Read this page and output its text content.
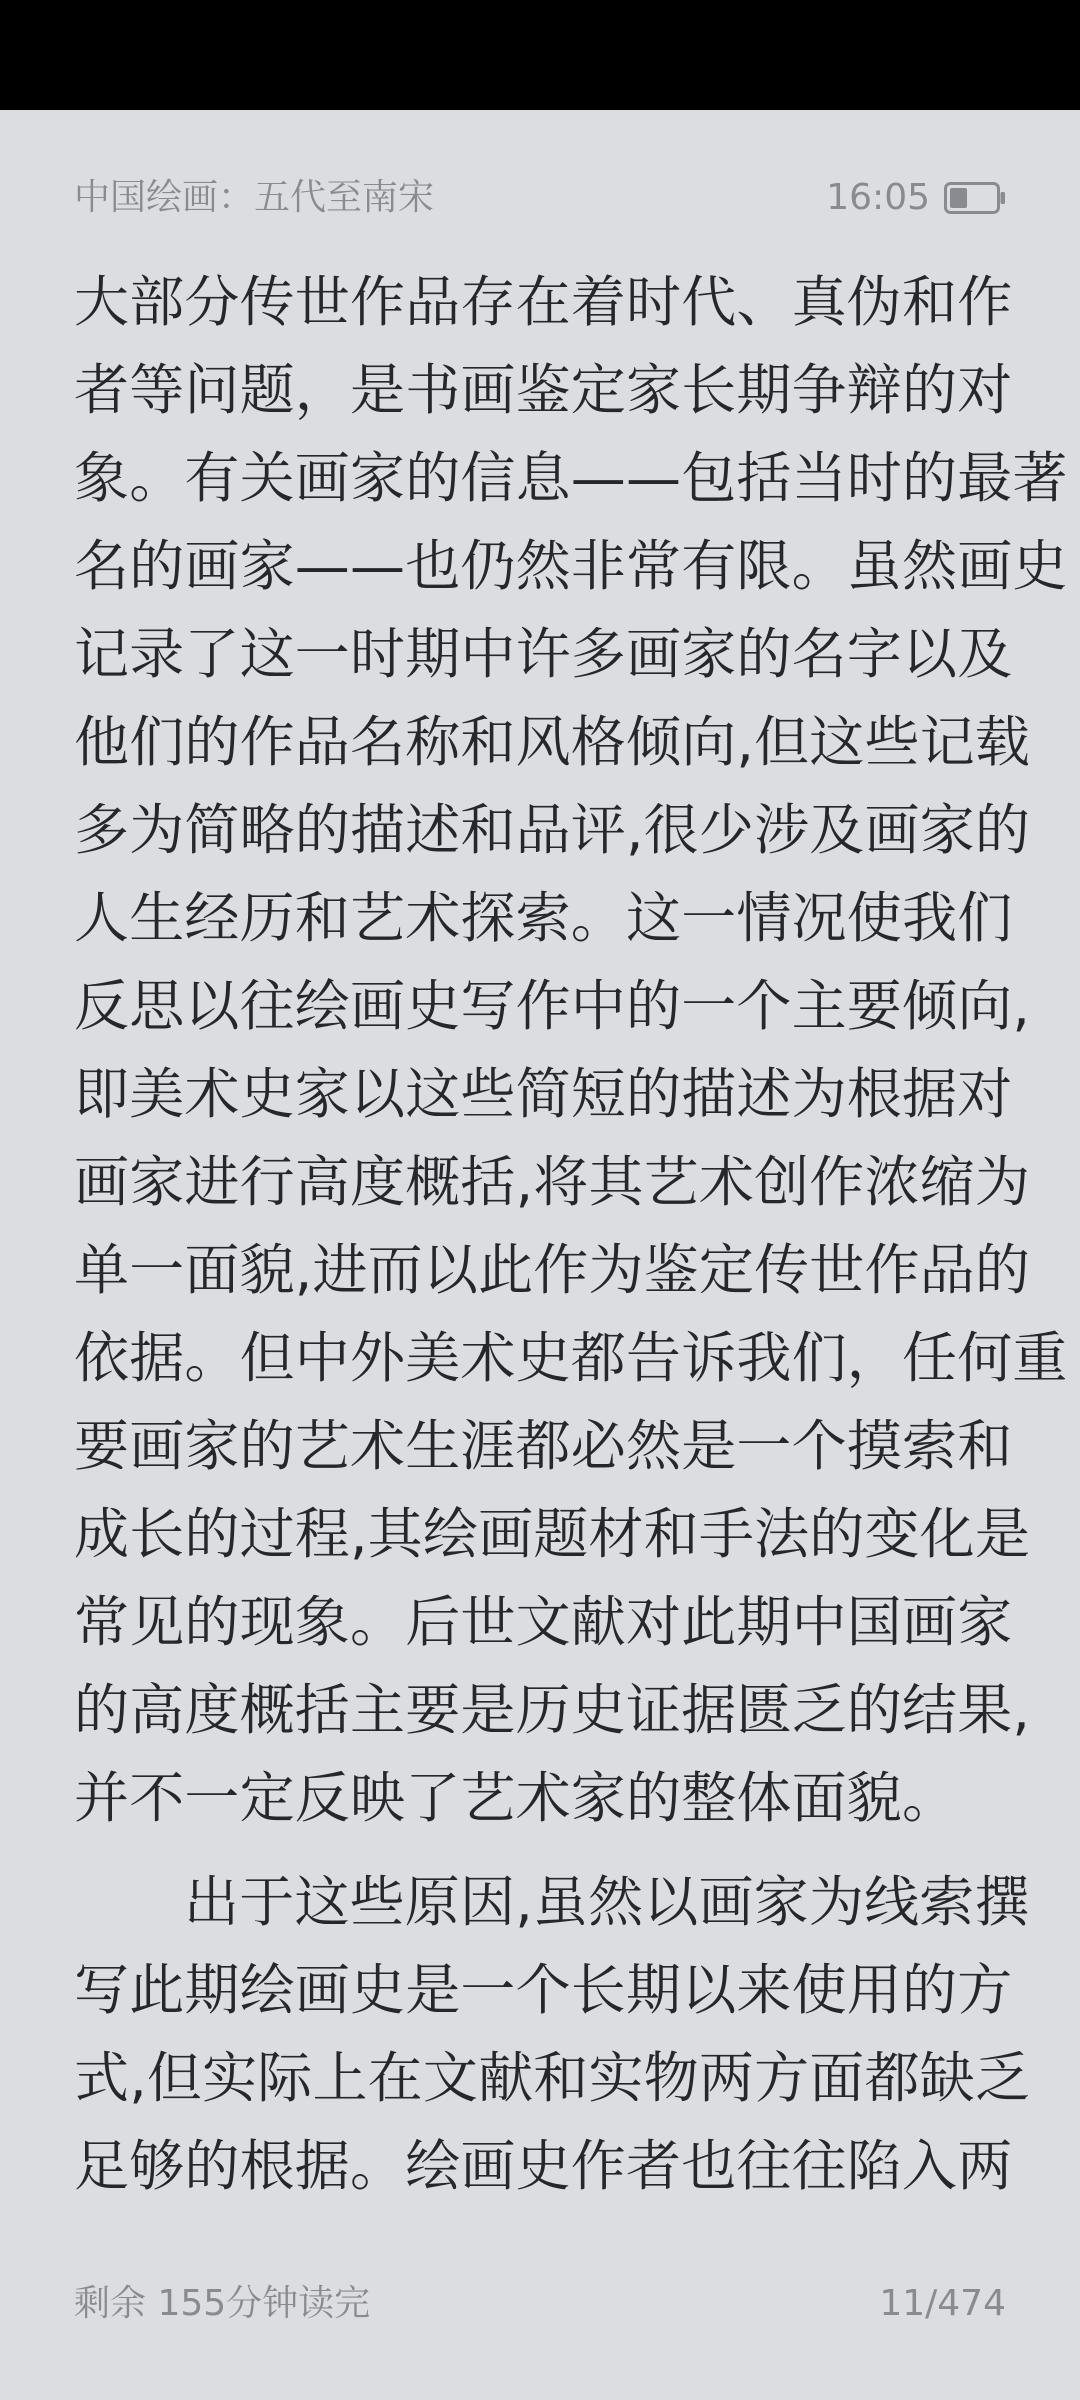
中国绘画：五代至南宋	16:05

大部分传世作品存在着时代、真伪和作
者等问题，是书画鉴定家长期争辩的对
象。有关画家的信息——包括当时的最著
名的画家——也仍然非常有限。虽然画史
记录了这一时期中许多画家的名字以及
他们的作品名称和风格倾向,但这些记载
多为简略的描述和品评,很少涉及画家的
人生经历和艺术探索。这一情况使我们
反思以往绘画史写作中的一个主要倾向,
即美术史家以这些简短的描述为根据对
画家进行高度概括,将其艺术创作浓缩为
单一面貌,进而以此作为鉴定传世作品的
依据。但中外美术史都告诉我们，任何重
要画家的艺术生涯都必然是一个摸索和
成长的过程,其绘画题材和手法的变化是
常见的现象。后世文献对此期中国画家
的高度概括主要是历史证据匮乏的结果,
并不一定反映了艺术家的整体面貌。

出于这些原因,虽然以画家为线索撰
写此期绘画史是一个长期以来使用的方
式,但实际上在文献和实物两方面都缺乏
足够的根据。绘画史作者也往往陷入两

剩余 155分钟读完	11/474
